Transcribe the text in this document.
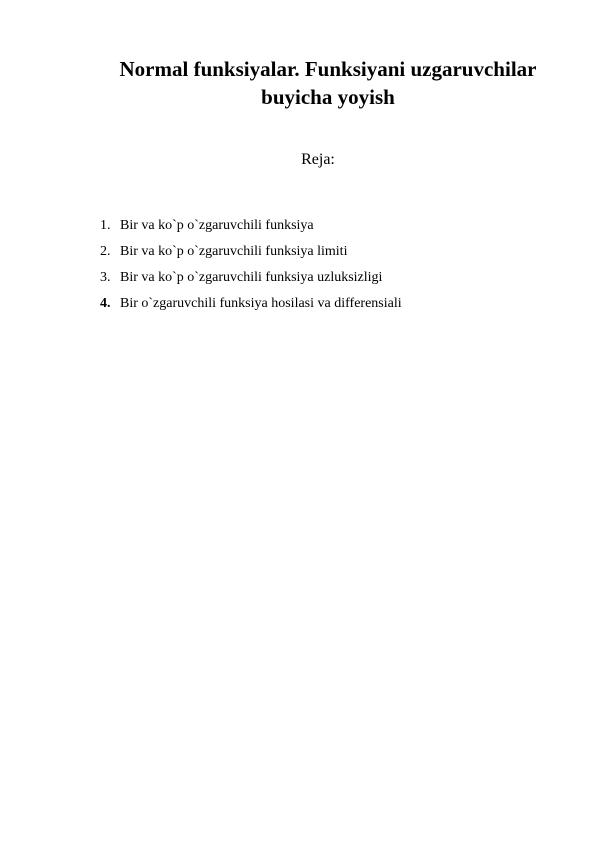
Normal funksiyalar. Funksiyani uzgaruvchilar
buyicha yoyish

Reja:

1. Bir va ko`p o`zgaruvchili funksiya
2. Bir va ko`p o`zgaruvchili funksiya limiti
3. Bir va ko`p o`zgaruvchili funksiya uzluksizligi
4. Bir o`zgaruvchili funksiya hosilasi va differensiali
